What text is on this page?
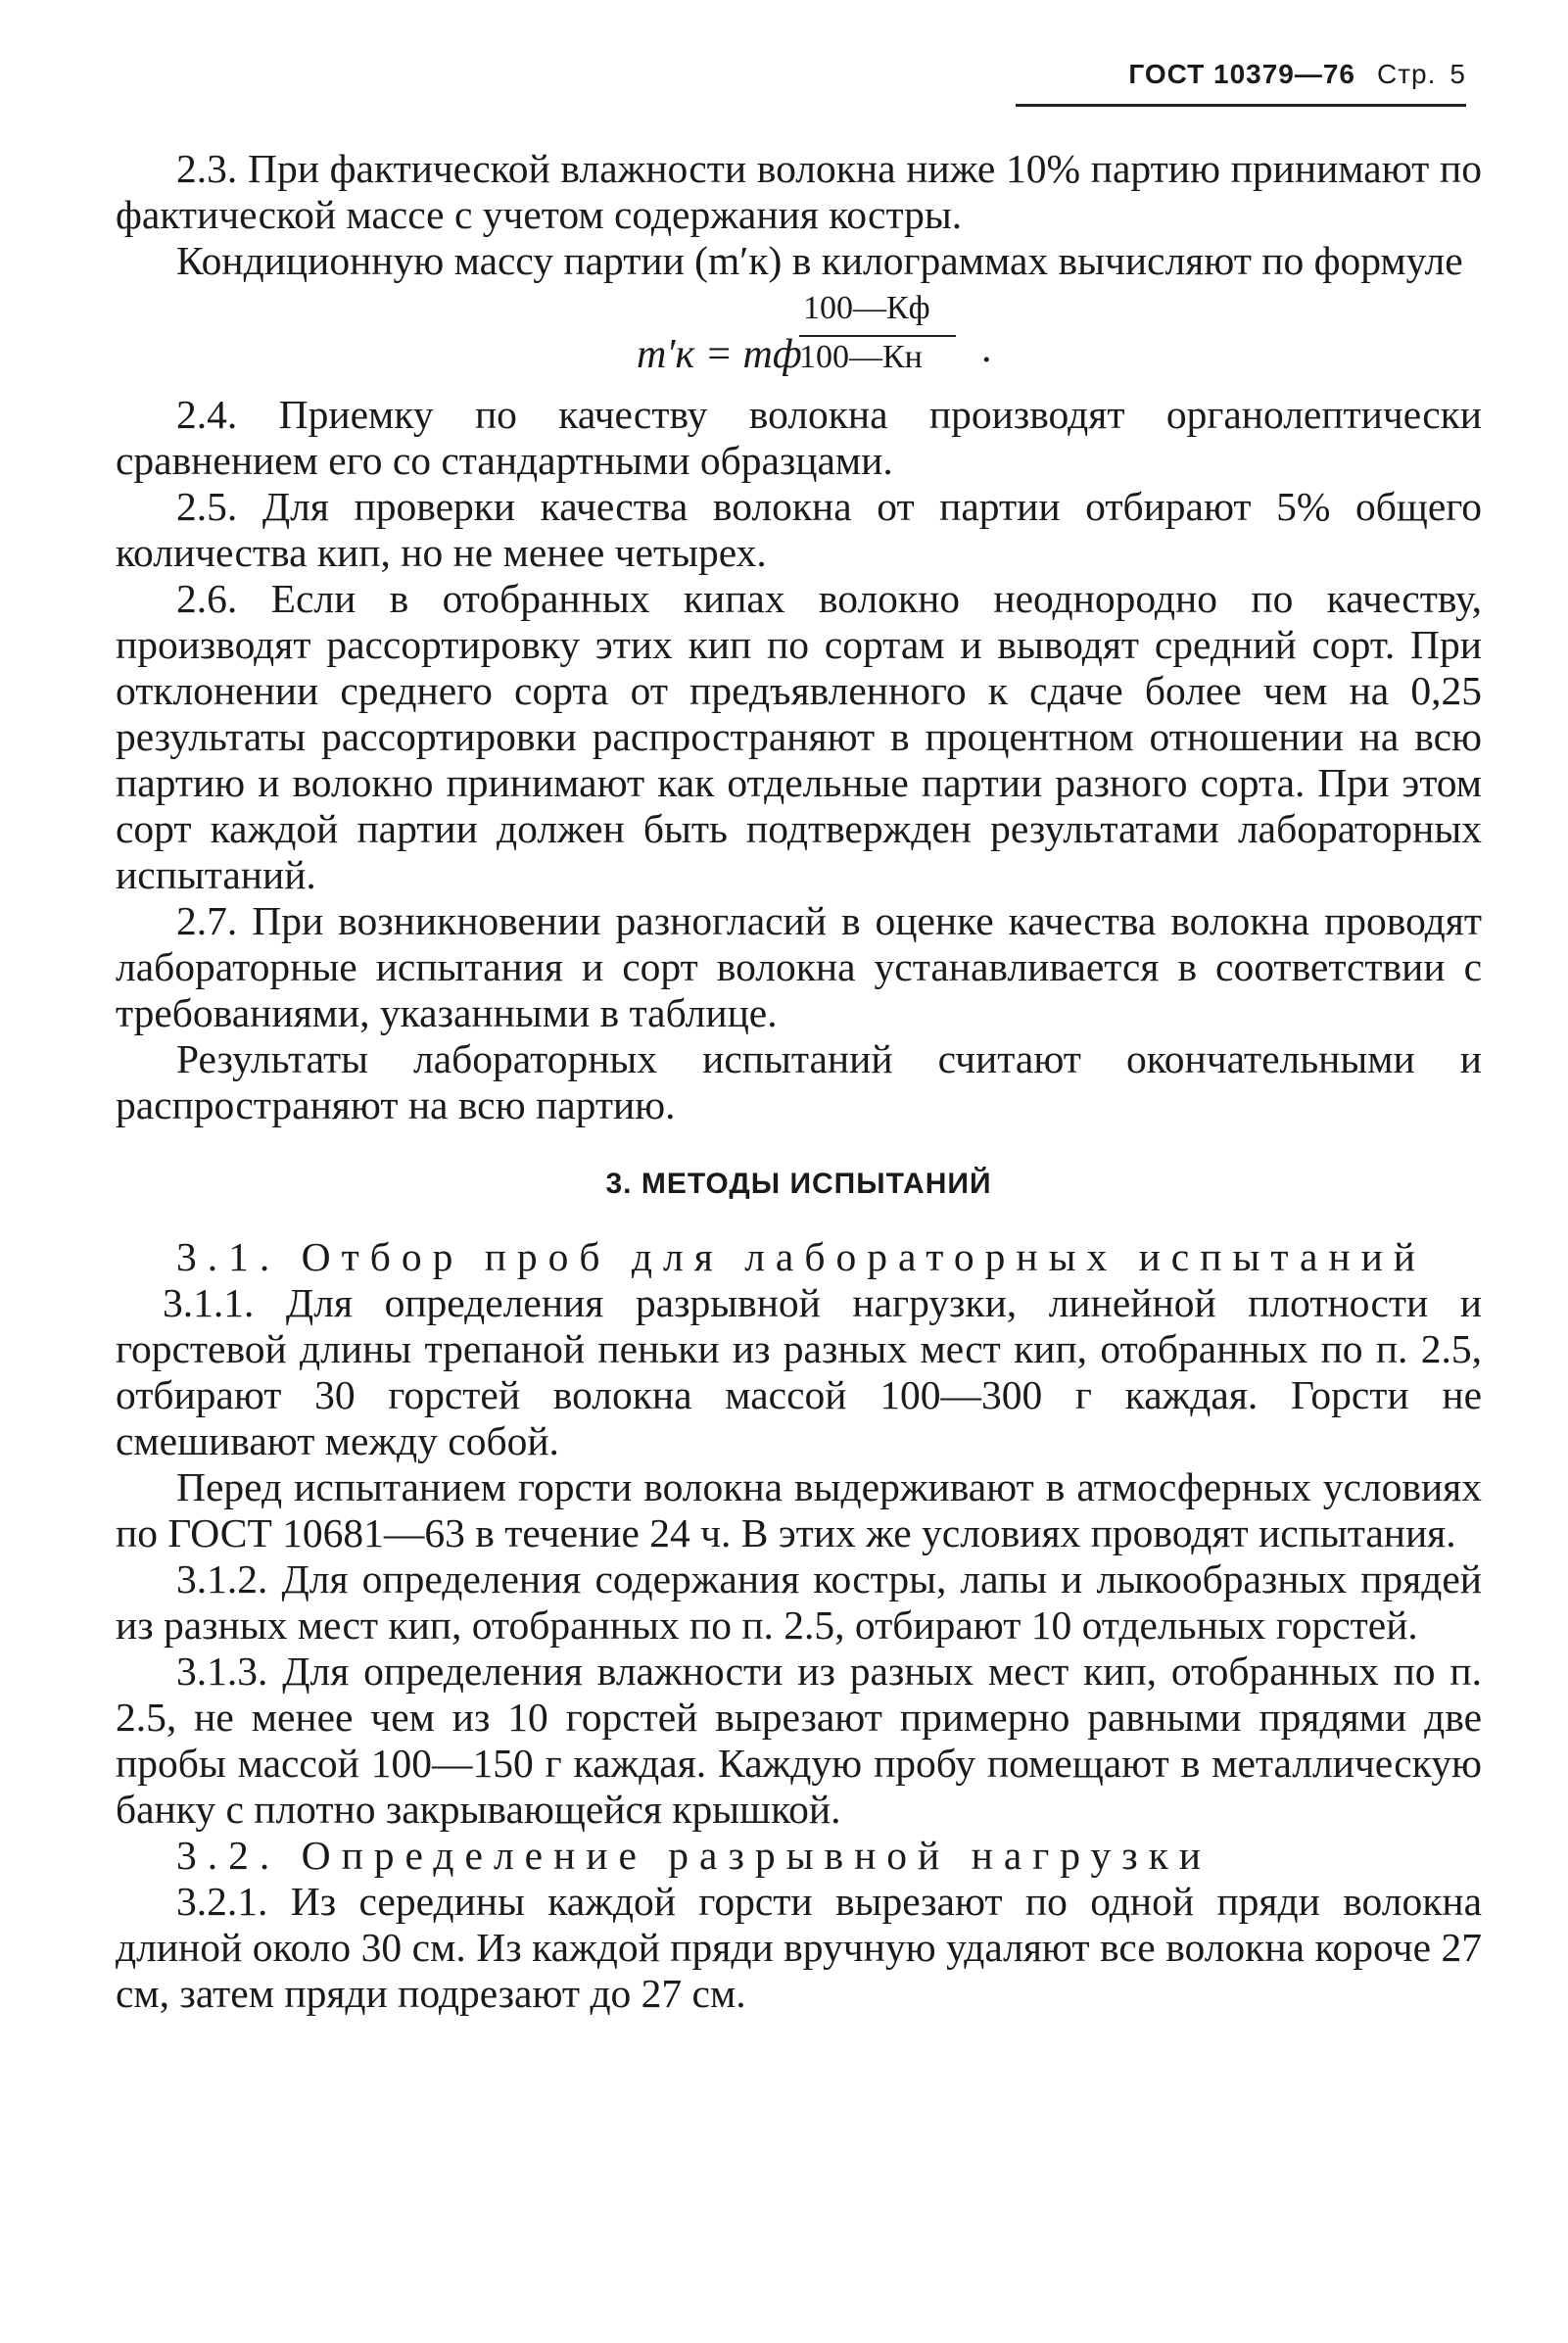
ГОСТ 10379—76 Стр. 5

2.3. При фактической влажности волокна ниже 10% партию принимают по фактической массе с учетом содержания костры.

Кондиционную массу партии (m′к) в килограммах вычисляют по формуле

m′к = mф
100—Кф
100—Кн .

2.4. Приемку по качеству волокна производят органолептически сравнением его со стандартными образцами.

2.5. Для проверки качества волокна от партии отбирают 5% общего количества кип, но не менее четырех.

2.6. Если в отобранных кипах волокно неоднородно по качеству, производят рассортировку этих кип по сортам и выводят средний сорт. При отклонении среднего сорта от предъявленного к сдаче более чем на 0,25 результаты рассортировки распространяют в процентном отношении на всю партию и волокно принимают как отдельные партии разного сорта. При этом сорт каждой партии должен быть подтвержден результатами лабораторных испытаний.

2.7. При возникновении разногласий в оценке качества волокна проводят лабораторные испытания и сорт волокна устанавливается в соответствии с требованиями, указанными в таблице.

Результаты лабораторных испытаний считают окончательными и распространяют на всю партию.

3. МЕТОДЫ ИСПЫТАНИЙ

3.1. Отбор проб для лабораторных испытаний

3.1.1. Для определения разрывной нагрузки, линейной плотности и горстевой длины трепаной пеньки из разных мест кип, отобранных по п. 2.5, отбирают 30 горстей волокна массой 100—300 г каждая. Горсти не смешивают между собой.

Перед испытанием горсти волокна выдерживают в атмосферных условиях по ГОСТ 10681—63 в течение 24 ч. В этих же условиях проводят испытания.

3.1.2. Для определения содержания костры, лапы и лыкообразных прядей из разных мест кип, отобранных по п. 2.5, отбирают 10 отдельных горстей.

3.1.3. Для определения влажности из разных мест кип, отобранных по п. 2.5, не менее чем из 10 горстей вырезают примерно равными прядями две пробы массой 100—150 г каждая. Каждую пробу помещают в металлическую банку с плотно закрывающейся крышкой.

3.2. Определение разрывной нагрузки

3.2.1. Из середины каждой горсти вырезают по одной пряди волокна длиной около 30 см. Из каждой пряди вручную удаляют все волокна короче 27 см, затем пряди подрезают до 27 см.
